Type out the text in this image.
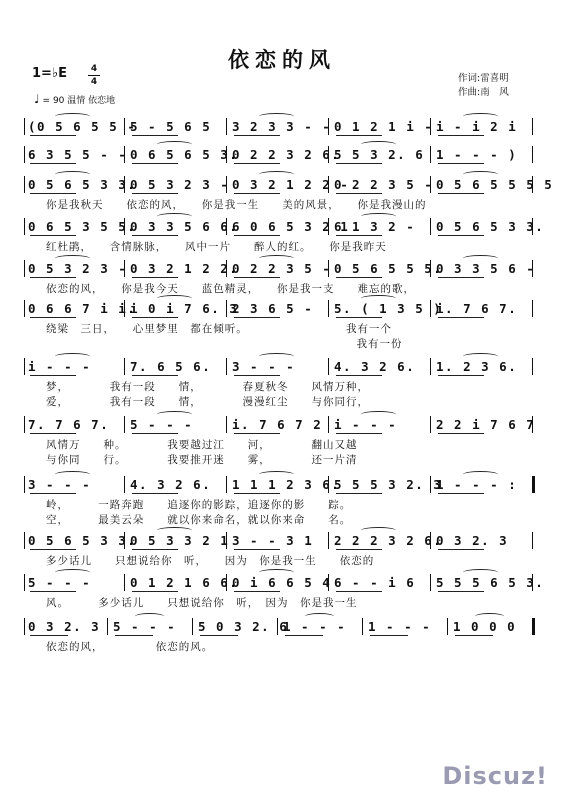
依恋的风
作词:雷喜明
作曲:南　风
1=♭E	4
4
♩ = 90 温情 依恋地
(0 5 6 5 5 -
5 - 5 6 5	3 2 3 3 - - 0 1 2 1 i - i - i 2 i
6 3 5 5 - - 0 6 5 6 5 3.
0 2 2 3 2 6.
5 5 3 2. 6 1 - - - )
0 5 6 5 3 3.
0 5 3 2 3 - 0 3 2 1 2 2 -
0 2 2 3 5 - 0 5 6 5 5 5 5
你是我秋天　　依恋的风，　　你是我一生　　美的风景，　　你是我漫山的
0 6 5 3 5 5.
0 3 3 5 6 6.
6 0 6 5 3 2 1
6 1 3 2 -	0 5 6 5 3 3.
红杜鹃，　　含情脉脉，　　风中一片　　醉人的红。　　你是我昨天
0 5 3 2 3 - 0 3 2 1 2 2.
0 2 2 3 5 - 0 5 6 5 5 5.
0 3 3 5 6 -
依恋的风，　　你是我今天　　蓝色精灵，　　你是我一支　　难忘的歌，
0 6 6 7 i i.
i 0 i 7 6. 3
2 3 6 5 -	5. ( 1 3 5 )
i. 7 6 7.
绕梁　三日，　　心里梦里　都在倾听。　　　　　　　　　我有一个
　　　　　　　　　　　　　　　　　　　　　　　　　　　我有一份
i - - -	7. 6 5 6.	3 - - -	4. 3 2 6.	1. 2 3 6.
梦，　　　　我有一段　　情，　　　　春夏秋冬　　风情万种，
爱，　　　　我有一段　　情，　　　　漫漫红尘　　与你同行，
7. 7 6 7.	5 - - -	i. 7 6 7 2 i - - -	2 2 i 7 6 7
风情万　　种。　　　　我要越过江　　河，　　　　翻山又越
与你同　　行。　　　　我要推开迷　　雾，　　　　还一片清
3 - - -	4. 3 2 6.	1 1 1 2 3 6.
5 5 5 3 2. 3
1 - - - :
岭，　　　一路奔跑　　追逐你的影踪，追逐你的影　　踪。
空，　　　最美云朵　　就以你来命名，就以你来命　　名。
0 5 6 5 3 3.
0 5 3 3 2 1 3 - - 3 1	2 2 2 3 2 6.
0 3 2. 3
多少话儿　　只想说给你　听，　　因为　你是我一生　　依恋的
5 - - -	0 1 2 1 6 6.
0 i 6 6 5 4 6 - - i 6	5 5 5 6 5 3.
风。　　　多少话儿　　只想说给你　听，　因为　你是我一生
0 3 2. 3	5 - - -	5 0 3 2. 6
1 - - -	1 - - -	1 0 0 0
依恋的风，　　　　　依恋的风。
Discuz!
